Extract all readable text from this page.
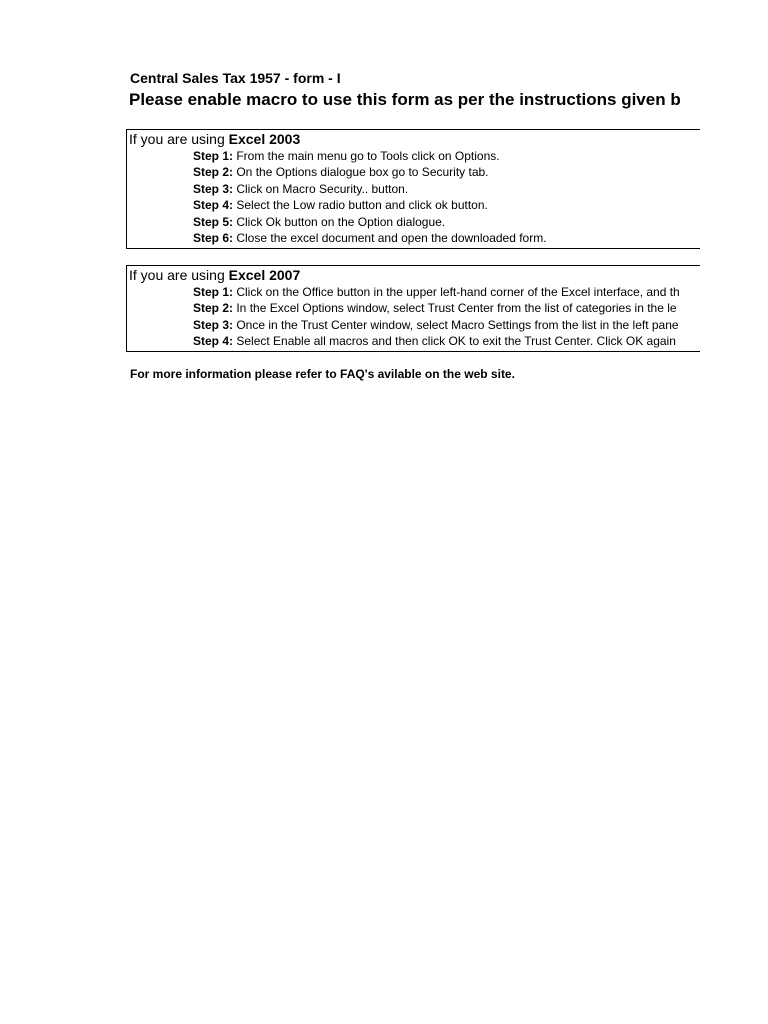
Central Sales Tax 1957 - form - I
Please enable macro to use this form as per the instructions given b
If you are using Excel 2003
Step 1: From the main menu go to Tools click on Options.
Step 2: On the Options dialogue box go to Security tab.
Step 3: Click on Macro Security.. button.
Step 4: Select the Low radio button and click ok button.
Step 5: Click Ok button on the Option dialogue.
Step 6: Close the excel document and open the downloaded form.
If you are using Excel 2007
Step 1: Click on the Office button in the upper left-hand corner of the Excel interface, and th
Step 2: In the Excel Options window, select Trust Center from the list of categories in the le
Step 3: Once in the Trust Center window, select Macro Settings from the list in the left pane
Step 4: Select Enable all macros and then click OK to exit the Trust Center. Click OK again
For more information please refer to FAQ's avilable on the web site.
